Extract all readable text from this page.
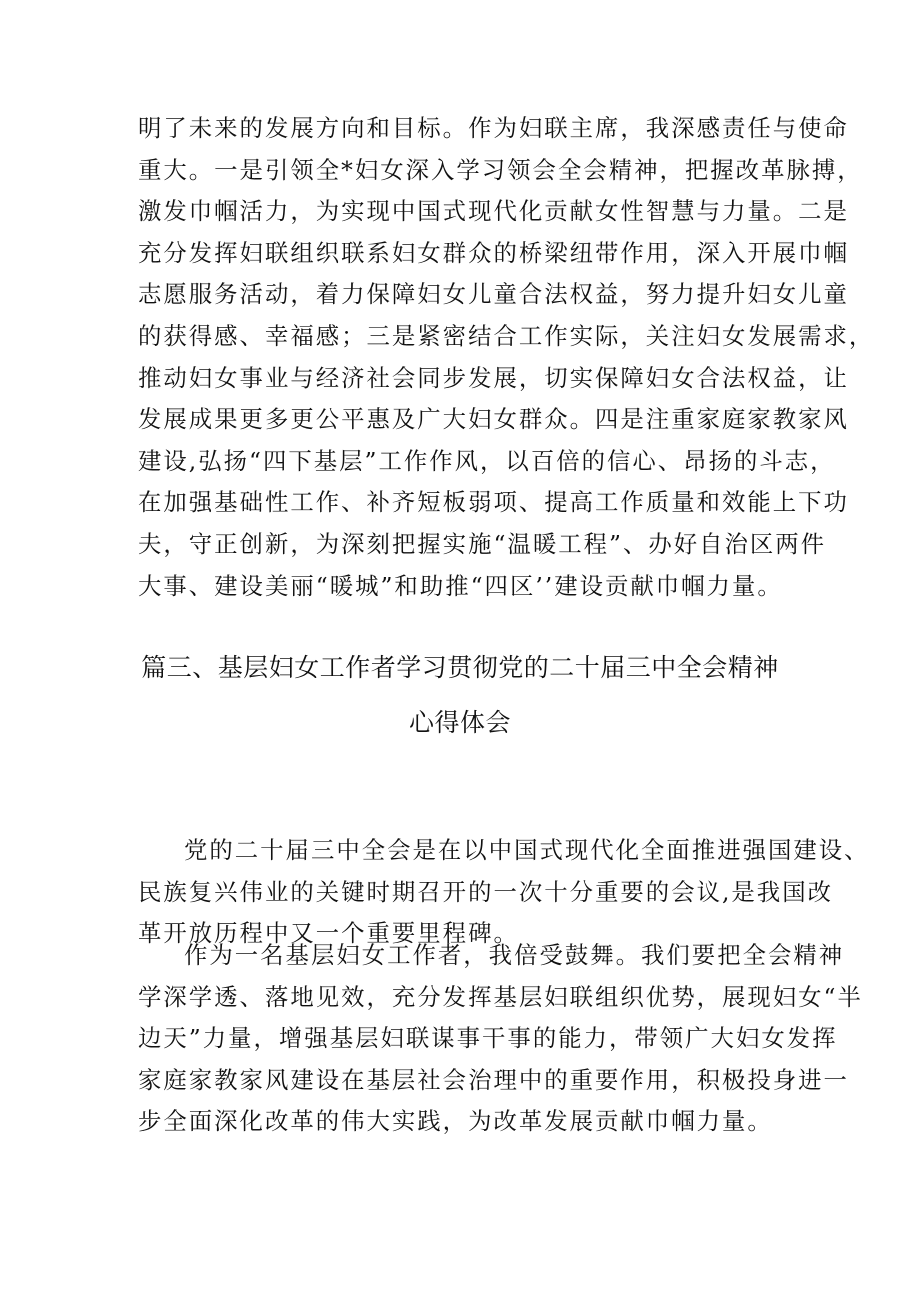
明了未来的发展方向和目标。作为妇联主席，我深感责任与使命
重大。一是引领全*妇女深入学习领会全会精神，把握改革脉搏，
激发巾帼活力，为实现中国式现代化贡献女性智慧与力量。二是
充分发挥妇联组织联系妇女群众的桥梁纽带作用，深入开展巾帼
志愿服务活动，着力保障妇女儿童合法权益，努力提升妇女儿童
的获得感、幸福感；三是紧密结合工作实际，关注妇女发展需求，
推动妇女事业与经济社会同步发展，切实保障妇女合法权益，让
发展成果更多更公平惠及广大妇女群众。四是注重家庭家教家风
建设,弘扬“四下基层”工作作风，以百倍的信心、昂扬的斗志，
在加强基础性工作、补齐短板弱项、提高工作质量和效能上下功
夫，守正创新，为深刻把握实施“温暖工程”、办好自治区两件
大事、建设美丽“暖城”和助推“四区’’建设贡献巾帼力量。
篇三、基层妇女工作者学习贯彻党的二十届三中全会精神
心得体会
党的二十届三中全会是在以中国式现代化全面推进强国建设、
民族复兴伟业的关键时期召开的一次十分重要的会议,是我国改
革开放历程中又一个重要里程碑。
作为一名基层妇女工作者，我倍受鼓舞。我们要把全会精神
学深学透、落地见效，充分发挥基层妇联组织优势，展现妇女“半
边天”力量，增强基层妇联谋事干事的能力，带领广大妇女发挥
家庭家教家风建设在基层社会治理中的重要作用，积极投身进一
步全面深化改革的伟大实践，为改革发展贡献巾帼力量。
